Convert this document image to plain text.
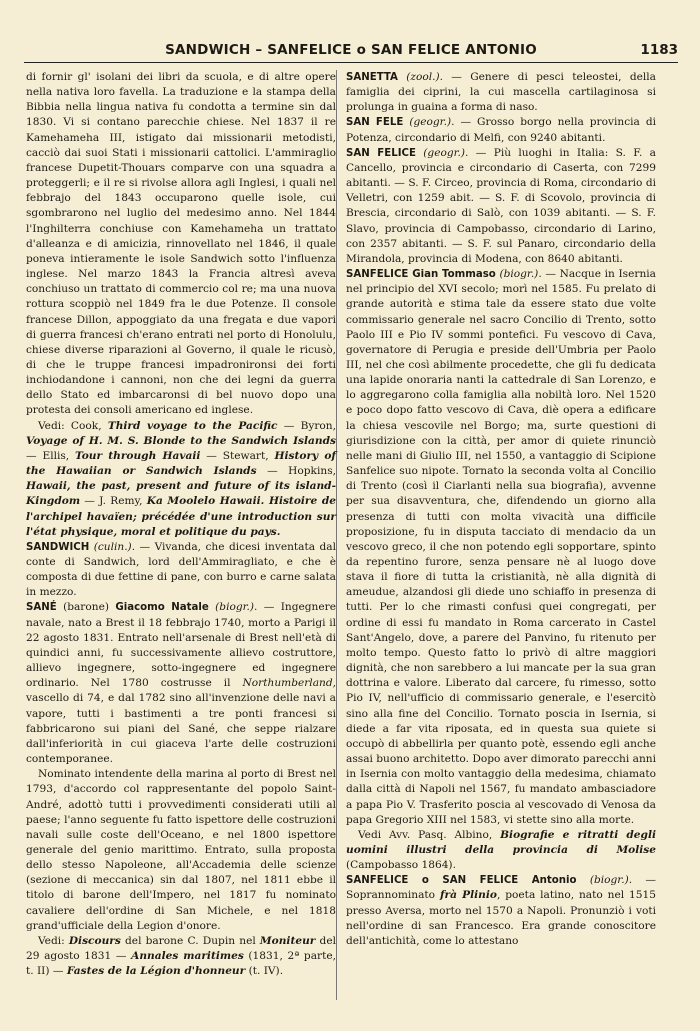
SANDWICH – SANFELICE o SAN FELICE ANTONIO	1183

di fornir gl' isolani dei libri da scuola, e di altre opere nella nativa loro favella. La traduzione e la stampa della Bibbia nella lingua nativa fu condotta a termine sin dal 1830. Vi si contano parecchie chiese. Nel 1837 il re Kamehameha III, istigato dai missionarii metodisti, cacciò dai suoi Stati i missionarii cattolici. L'ammiraglio francese Dupetit-Thouars comparve con una squadra a proteggerli; e il re si rivolse allora agli Inglesi, i quali nel febbrajo del 1843 occuparono quelle isole, cui sgombrarono nel luglio del medesimo anno. Nel 1844 l'Inghilterra conchiuse con Kamehameha un trattato d'alleanza e di amicizia, rinnovellato nel 1846, il quale poneva intieramente le isole Sandwich sotto l'influenza inglese. Nel marzo 1843 la Francia altresì aveva conchiuso un trattato di commercio col re; ma una nuova rottura scoppiò nel 1849 fra le due Potenze. Il console francese Dillon, appoggiato da una fregata e due vapori di guerra francesi ch'erano entrati nel porto di Honolulu, chiese diverse riparazioni al Governo, il quale le ricusò, di che le truppe francesi impadronironsi dei forti inchiodandone i cannoni, non che dei legni da guerra dello Stato ed imbarcaronsi di bel nuovo dopo una protesta dei consoli americano ed inglese.

Vedi: Cook, Third voyage to the Pacific — Byron, Voyage of H. M. S. Blonde to the Sandwich Islands — Ellis, Tour through Havaii — Stewart, History of the Hawaiian or Sandwich Islands — Hopkins, Hawaii, the past, present and future of its island-Kingdom — J. Remy, Ka Moolelo Hawaii. Histoire de l'archipel havaïen; précédée d'une introduction sur l'état physique, moral et politique du pays.

SANDWICH (culin.). — Vivanda, che dicesi inventata dal conte di Sandwich, lord dell'Ammiragliato, e che è composta di due fettine di pane, con burro e carne salata in mezzo.

SANÉ (barone) Giacomo Natale (biogr.). — Ingegnere navale, nato a Brest il 18 febbrajo 1740, morto a Parigi il 22 agosto 1831. Entrato nell'arsenale di Brest nell'età di quindici anni, fu successivamente allievo costruttore, allievo ingegnere, sotto-ingegnere ed ingegnere ordinario. Nel 1780 costrusse il Northumberland, vascello di 74, e dal 1782 sino all'invenzione delle navi a vapore, tutti i bastimenti a tre ponti francesi si fabbricarono sui piani del Sané, che seppe rialzare dall'inferiorità in cui giaceva l'arte delle costruzioni contemporanee.

Nominato intendente della marina al porto di Brest nel 1793, d'accordo col rappresentante del popolo Saint-André, adottò tutti i provvedimenti considerati utili al paese; l'anno seguente fu fatto ispettore delle costruzioni navali sulle coste dell'Oceano, e nel 1800 ispettore generale del genio marittimo. Entrato, sulla proposta dello stesso Napoleone, all'Accademia delle scienze (sezione di meccanica) sin dal 1807, nel 1811 ebbe il titolo di barone dell'Impero, nel 1817 fu nominato cavaliere dell'ordine di San Michele, e nel 1818 grand'ufficiale della Legion d'onore.

Vedi: Discours del barone C. Dupin nel Moniteur del 29 agosto 1831 — Annales maritimes (1831, 2ª parte, t. II) — Fastes de la Légion d'honneur (t. IV).

SANETTA (zool.). — Genere di pesci teleostei, della famiglia dei ciprini, la cui mascella cartilaginosa si prolunga in guaina a forma di naso.

SAN FELE (geogr.). — Grosso borgo nella provincia di Potenza, circondario di Melfi, con 9240 abitanti.

SAN FELICE (geogr.). — Più luoghi in Italia: S. F. a Cancello, provincia e circondario di Caserta, con 7299 abitanti. — S. F. Circeo, provincia di Roma, circondario di Velletri, con 1259 abit. — S. F. di Scovolo, provincia di Brescia, circondario di Salò, con 1039 abitanti. — S. F. Slavo, provincia di Campobasso, circondario di Larino, con 2357 abitanti. — S. F. sul Panaro, circondario della Mirandola, provincia di Modena, con 8640 abitanti.

SANFELICE Gian Tommaso (biogr.). — Nacque in Isernia nel principio del XVI secolo; morì nel 1585. Fu prelato di grande autorità e stima tale da essere stato due volte commissario generale nel sacro Concilio di Trento, sotto Paolo III e Pio IV sommi pontefici. Fu vescovo di Cava, governatore di Perugia e preside dell'Umbria per Paolo III, nel che così abilmente procedette, che gli fu dedicata una lapide onoraria nanti la cattedrale di San Lorenzo, e lo aggregarono colla famiglia alla nobiltà loro. Nel 1520 e poco dopo fatto vescovo di Cava, diè opera a edificare la chiesa vescovile nel Borgo; ma, surte questioni di giurisdizione con la città, per amor di quiete rinunciò nelle mani di Giulio III, nel 1550, a vantaggio di Scipione Sanfelice suo nipote. Tornato la seconda volta al Concilio di Trento (così il Ciarlanti nella sua biografia), avvenne per sua disavventura, che, difendendo un giorno alla presenza di tutti con molta vivacità una difficile proposizione, fu in disputa tacciato di mendacio da un vescovo greco, il che non potendo egli sopportare, spinto da repentino furore, senza pensare nè al luogo dove stava il fiore di tutta la cristianità, nè alla dignità di ameudue, alzandosi gli diede uno schiaffo in presenza di tutti. Per lo che rimasti confusi quei congregati, per ordine di essi fu mandato in Roma carcerato in Castel Sant'Angelo, dove, a parere del Panvino, fu ritenuto per molto tempo. Questo fatto lo privò di altre maggiori dignità, che non sarebbero a lui mancate per la sua gran dottrina e valore. Liberato dal carcere, fu rimesso, sotto Pio IV, nell'ufficio di commissario generale, e l'esercitò sino alla fine del Concilio. Tornato poscia in Isernia, si diede a far vita riposata, ed in questa sua quiete si occupò di abbellirla per quanto potè, essendo egli anche assai buono architetto. Dopo aver dimorato parecchi anni in Isernia con molto vantaggio della medesima, chiamato dalla città di Napoli nel 1567, fu mandato ambasciadore a papa Pio V. Trasferito poscia al vescovado di Venosa da papa Gregorio XIII nel 1583, vi stette sino alla morte.

Vedi Avv. Pasq. Albino, Biografie e ritratti degli uomini illustri della provincia di Molise (Campobasso 1864).

SANFELICE o SAN FELICE Antonio (biogr.). — Soprannominato frà Plinio, poeta latino, nato nel 1515 presso Aversa, morto nel 1570 a Napoli. Pronunziò i voti nell'ordine di san Francesco. Era grande conoscitore dell'antichità, come lo attestano
